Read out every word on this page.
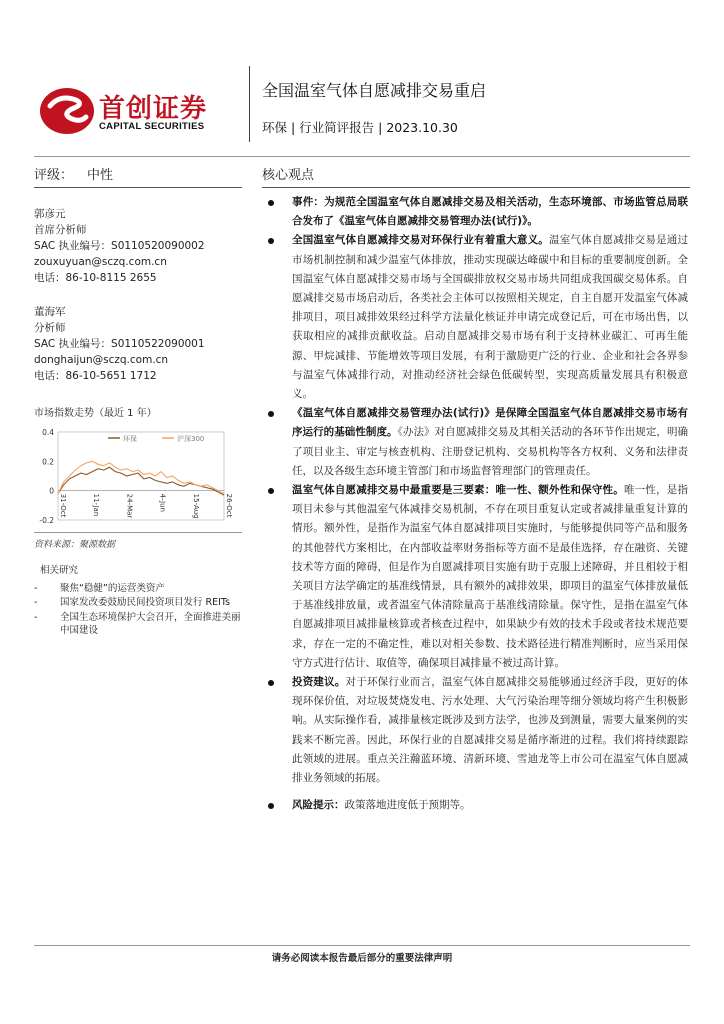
首创证券
CAPITAL SECURITIES
全国温室气体自愿减排交易重启
环保 | 行业简评报告 | 2023.10.30
评级： 中性	核心观点
郭彦元
首席分析师
SAC 执业编号：S0110520090002
zouxuyuan@sczq.com.cn
电话：86-10-8115 2655
董海军
分析师
SAC 执业编号：S0110522090001
donghaijun@sczq.com.cn
电话：86-10-5651 1712
市场指数走势（最近 1 年）
0.4
0.2
0
-0.2
环保	沪深300
31-Oct	11-Jan	24-Mar	4-Jun	15-Aug	26-Oct
资料来源：聚源数据
相关研究
- 聚焦“稳健”的运营类资产
- 国家发改委鼓励民间投资项目发行 REITs
- 全国生态环境保护大会召开，全面推进美丽中国建设
事件：为规范全国温室气体自愿减排交易及相关活动，生态环境部、市场监管总局联合发布了《温室气体自愿减排交易管理办法(试行)》。
全国温室气体自愿减排交易对环保行业有着重大意义。温室气体自愿减排交易是通过市场机制控制和减少温室气体排放，推动实现碳达峰碳中和目标的重要制度创新。全国温室气体自愿减排交易市场与全国碳排放权交易市场共同组成我国碳交易体系。自愿减排交易市场启动后，各类社会主体可以按照相关规定，自主自愿开发温室气体减排项目，项目减排效果经过科学方法量化核证并申请完成登记后，可在市场出售，以获取相应的减排贡献收益。启动自愿减排交易市场有利于支持林业碳汇、可再生能源、甲烷减排、节能增效等项目发展，有利于激励更广泛的行业、企业和社会各界参与温室气体减排行动，对推动经济社会绿色低碳转型，实现高质量发展具有积极意义。
《温室气体自愿减排交易管理办法(试行)》是保障全国温室气体自愿减排交易市场有序运行的基础性制度。《办法》对自愿减排交易及其相关活动的各环节作出规定，明确了项目业主、审定与核查机构、注册登记机构、交易机构等各方权利、义务和法律责任，以及各级生态环境主管部门和市场监督管理部门的管理责任。
温室气体自愿减排交易中最重要是三要素：唯一性、额外性和保守性。唯一性，是指项目未参与其他温室气体减排交易机制，不存在项目重复认定或者减排量重复计算的情形。额外性，是指作为温室气体自愿减排项目实施时，与能够提供同等产品和服务的其他替代方案相比，在内部收益率财务指标等方面不是最佳选择，存在融资、关键技术等方面的障碍，但是作为自愿减排项目实施有助于克服上述障碍，并且相较于相关项目方法学确定的基准线情景，具有额外的减排效果，即项目的温室气体排放量低于基准线排放量，或者温室气体清除量高于基准线清除量。保守性，是指在温室气体自愿减排项目减排量核算或者核查过程中，如果缺少有效的技术手段或者技术规范要求，存在一定的不确定性，难以对相关参数、技术路径进行精准判断时，应当采用保守方式进行估计、取值等，确保项目减排量不被过高计算。
投资建议。对于环保行业而言，温室气体自愿减排交易能够通过经济手段，更好的体现环保价值，对垃圾焚烧发电、污水处理、大气污染治理等细分领域均将产生积极影响。从实际操作看，减排量核定既涉及到方法学，也涉及到测量，需要大量案例的实践来不断完善。因此，环保行业的自愿减排交易是循序渐进的过程。我们将持续跟踪此领域的进展。重点关注瀚蓝环境、清新环境、雪迪龙等上市公司在温室气体自愿减排业务领域的拓展。
风险提示：政策落地进度低于预期等。
请务必阅读本报告最后部分的重要法律声明
